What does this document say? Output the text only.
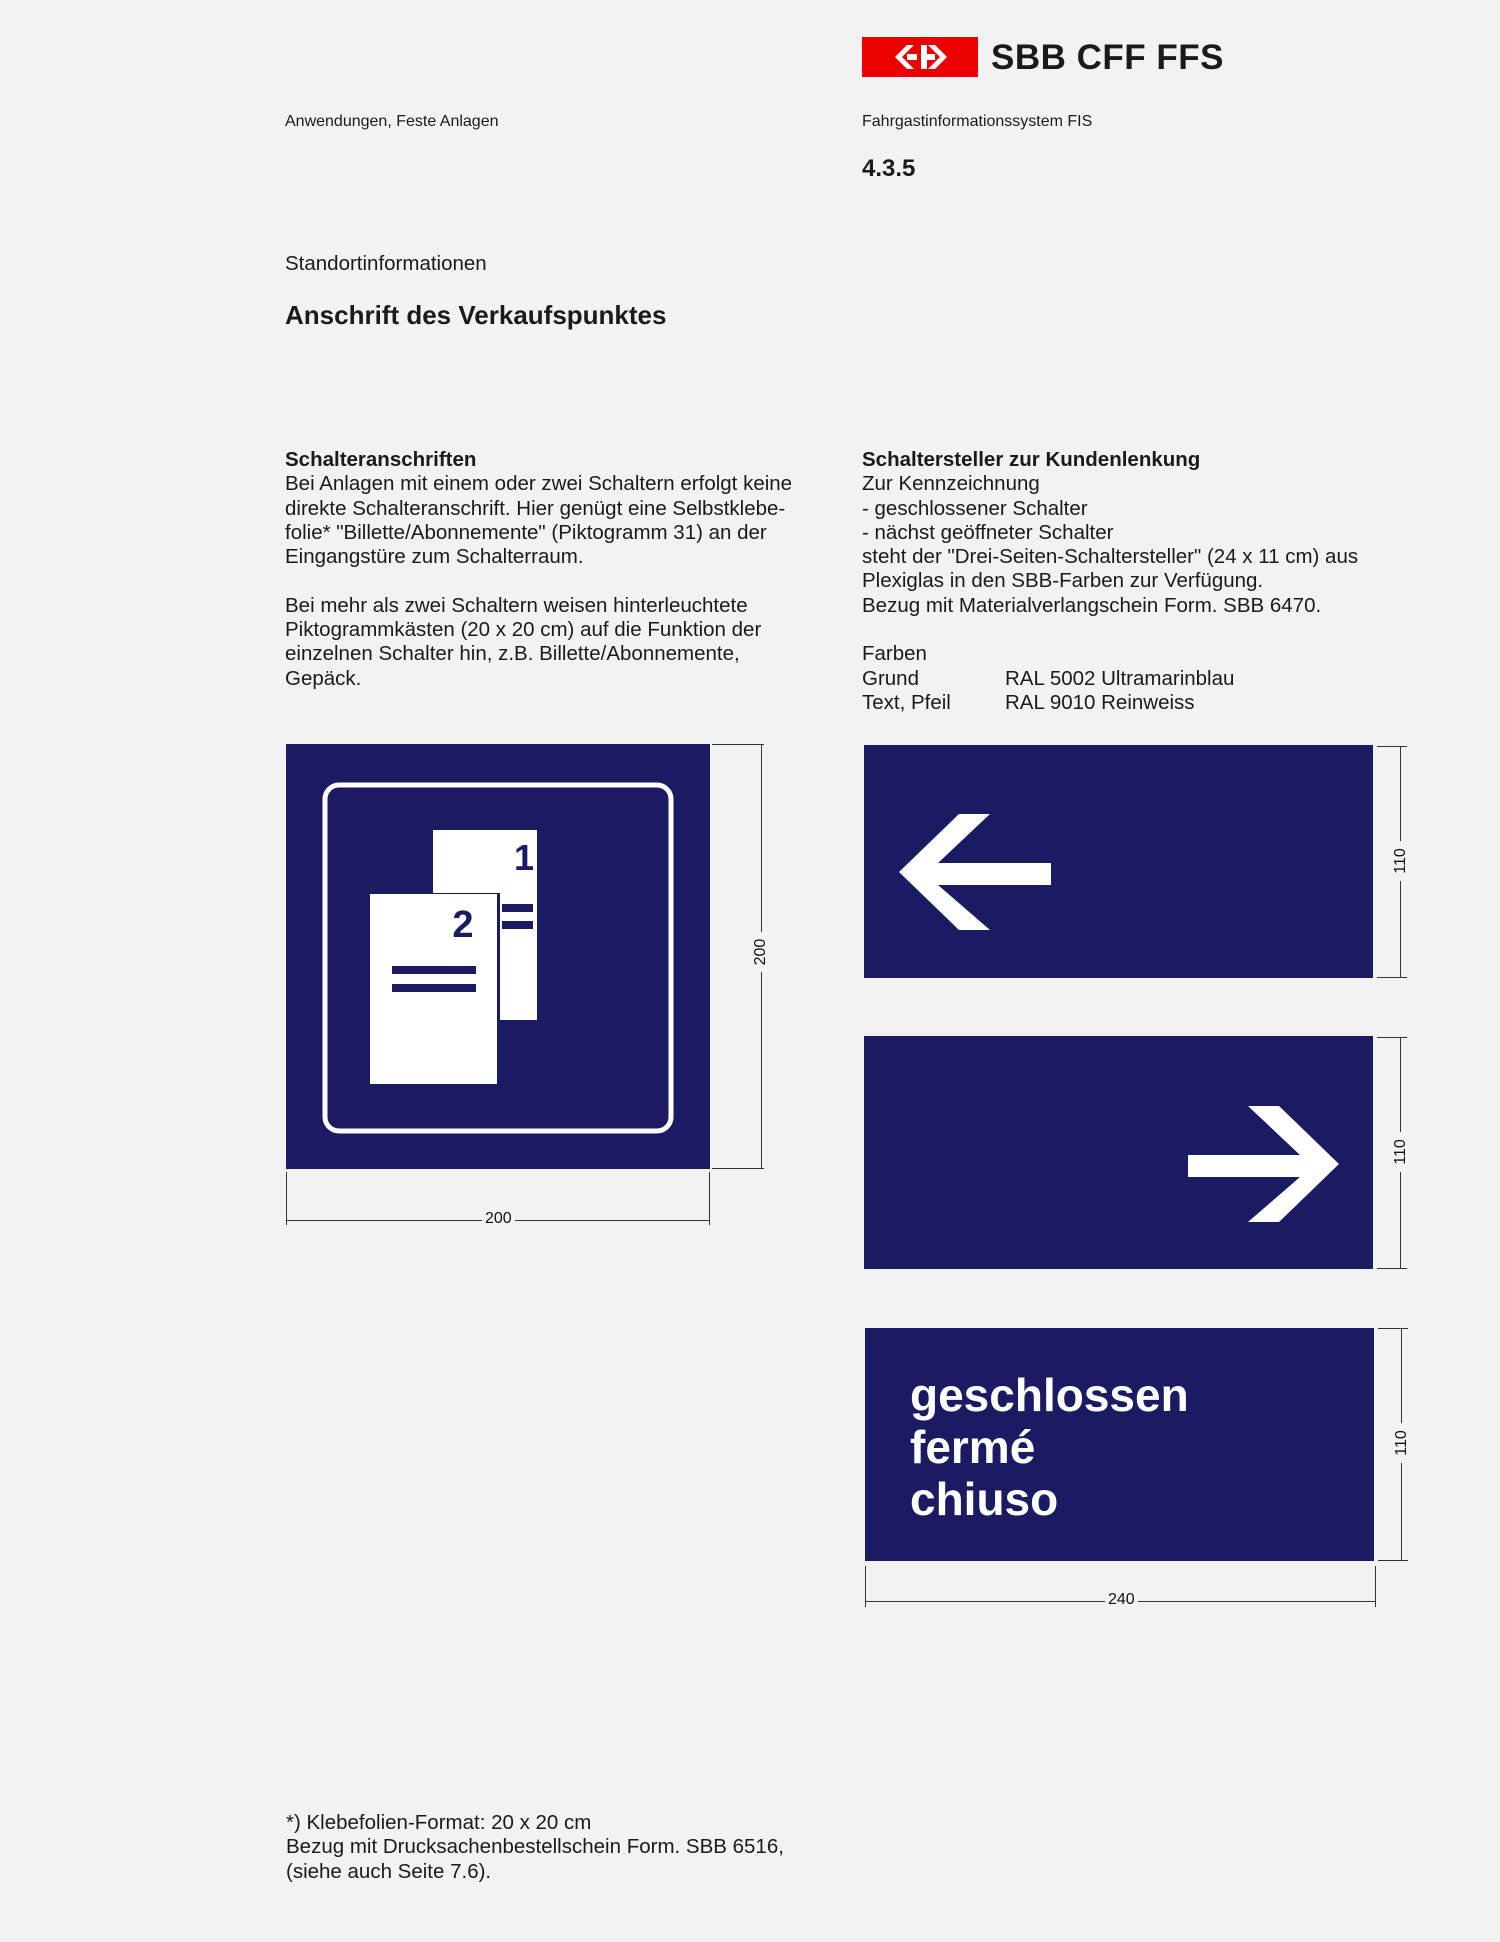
SBB CFF FFS
Anwendungen, Feste Anlagen	Fahrgastinformationssystem FIS
4.3.5
Standortinformationen
Anschrift des Verkaufspunktes
Schalteranschriften
Bei Anlagen mit einem oder zwei Schaltern erfolgt keine
direkte Schalteranschrift. Hier genügt eine Selbstklebe-
folie* "Billette/Abonnemente" (Piktogramm 31) an der
Eingangstüre zum Schalterraum.
Bei mehr als zwei Schaltern weisen hinterleuchtete
Piktogrammkästen (20 x 20 cm) auf die Funktion der
einzelnen Schalter hin, z.B. Billette/Abonnemente,
Gepäck.
Schaltersteller zur Kundenlenkung
Zur Kennzeichnung
- geschlossener Schalter
- nächst geöffneter Schalter
steht der "Drei-Seiten-Schaltersteller" (24 x 11 cm) aus
Plexiglas in den SBB-Farben zur Verfügung.
Bezug mit Materialverlangschein Form. SBB 6470.
Farben
Grund	RAL 5002 Ultramarinblau
Text, Pfeil	RAL 9010 Reinweiss
1
2
200
200
110
110
geschlossen
fermé
chiuso
110
240
*) Klebefolien-Format: 20 x 20 cm
Bezug mit Drucksachenbestellschein Form. SBB 6516,
(siehe auch Seite 7.6).
